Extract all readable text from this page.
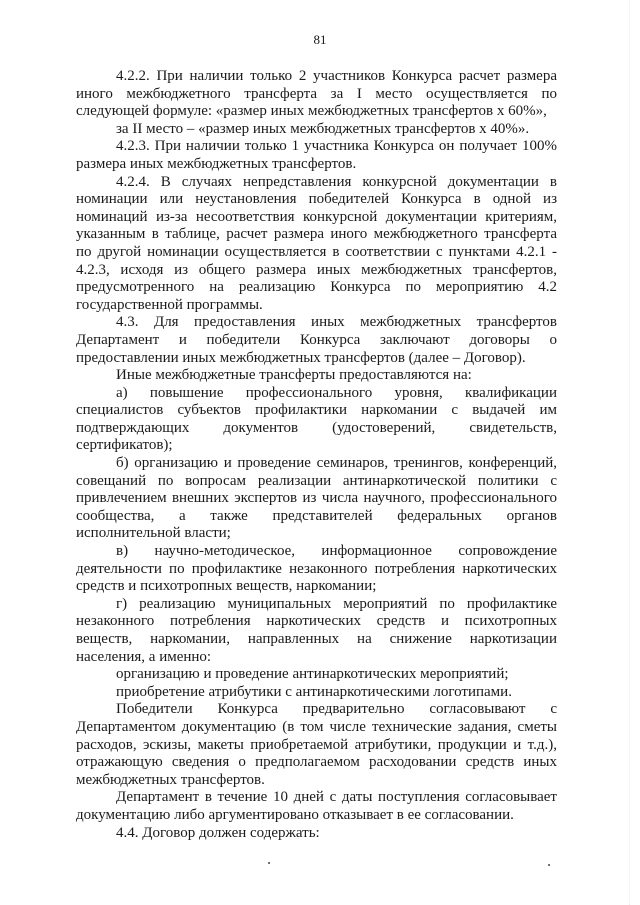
81

4.2.2. При наличии только 2 участников Конкурса расчет размера иного межбюджетного трансферта за I место осуществляется по следующей формуле: «размер иных межбюджетных трансфертов х 60%»,

за II место – «размер иных межбюджетных трансфертов х 40%».

4.2.3. При наличии только 1 участника Конкурса он получает 100% размера иных межбюджетных трансфертов.

4.2.4. В случаях непредставления конкурсной документации в номинации или неустановления победителей Конкурса в одной из номинаций из-за несоответствия конкурсной документации критериям, указанным в таблице, расчет размера иного межбюджетного трансферта по другой номинации осуществляется в соответствии с пунктами 4.2.1 - 4.2.3, исходя из общего размера иных межбюджетных трансфертов, предусмотренного на реализацию Конкурса по мероприятию 4.2 государственной программы.

4.3. Для предоставления иных межбюджетных трансфертов Департамент и победители Конкурса заключают договоры о предоставлении иных межбюджетных трансфертов (далее – Договор).

Иные межбюджетные трансферты предоставляются на:

а) повышение профессионального уровня, квалификации специалистов субъектов профилактики наркомании с выдачей им подтверждающих документов (удостоверений, свидетельств, сертификатов);

б) организацию и проведение семинаров, тренингов, конференций, совещаний по вопросам реализации антинаркотической политики с привлечением внешних экспертов из числа научного, профессионального сообщества, а также представителей федеральных органов исполнительной власти;

в) научно-методическое, информационное сопровождение деятельности по профилактике незаконного потребления наркотических средств и психотропных веществ, наркомании;

г) реализацию муниципальных мероприятий по профилактике незаконного потребления наркотических средств и психотропных веществ, наркомании, направленных на снижение наркотизации населения, а именно:

организацию и проведение антинаркотических мероприятий;

приобретение атрибутики с антинаркотическими логотипами.

Победители Конкурса предварительно согласовывают с Департаментом документацию (в том числе технические задания, сметы расходов, эскизы, макеты приобретаемой атрибутики, продукции и т.д.), отражающую сведения о предполагаемом расходовании средств иных межбюджетных трансфертов.

Департамент в течение 10 дней с даты поступления согласовывает документацию либо аргументировано отказывает в ее согласовании.

4.4. Договор должен содержать:
